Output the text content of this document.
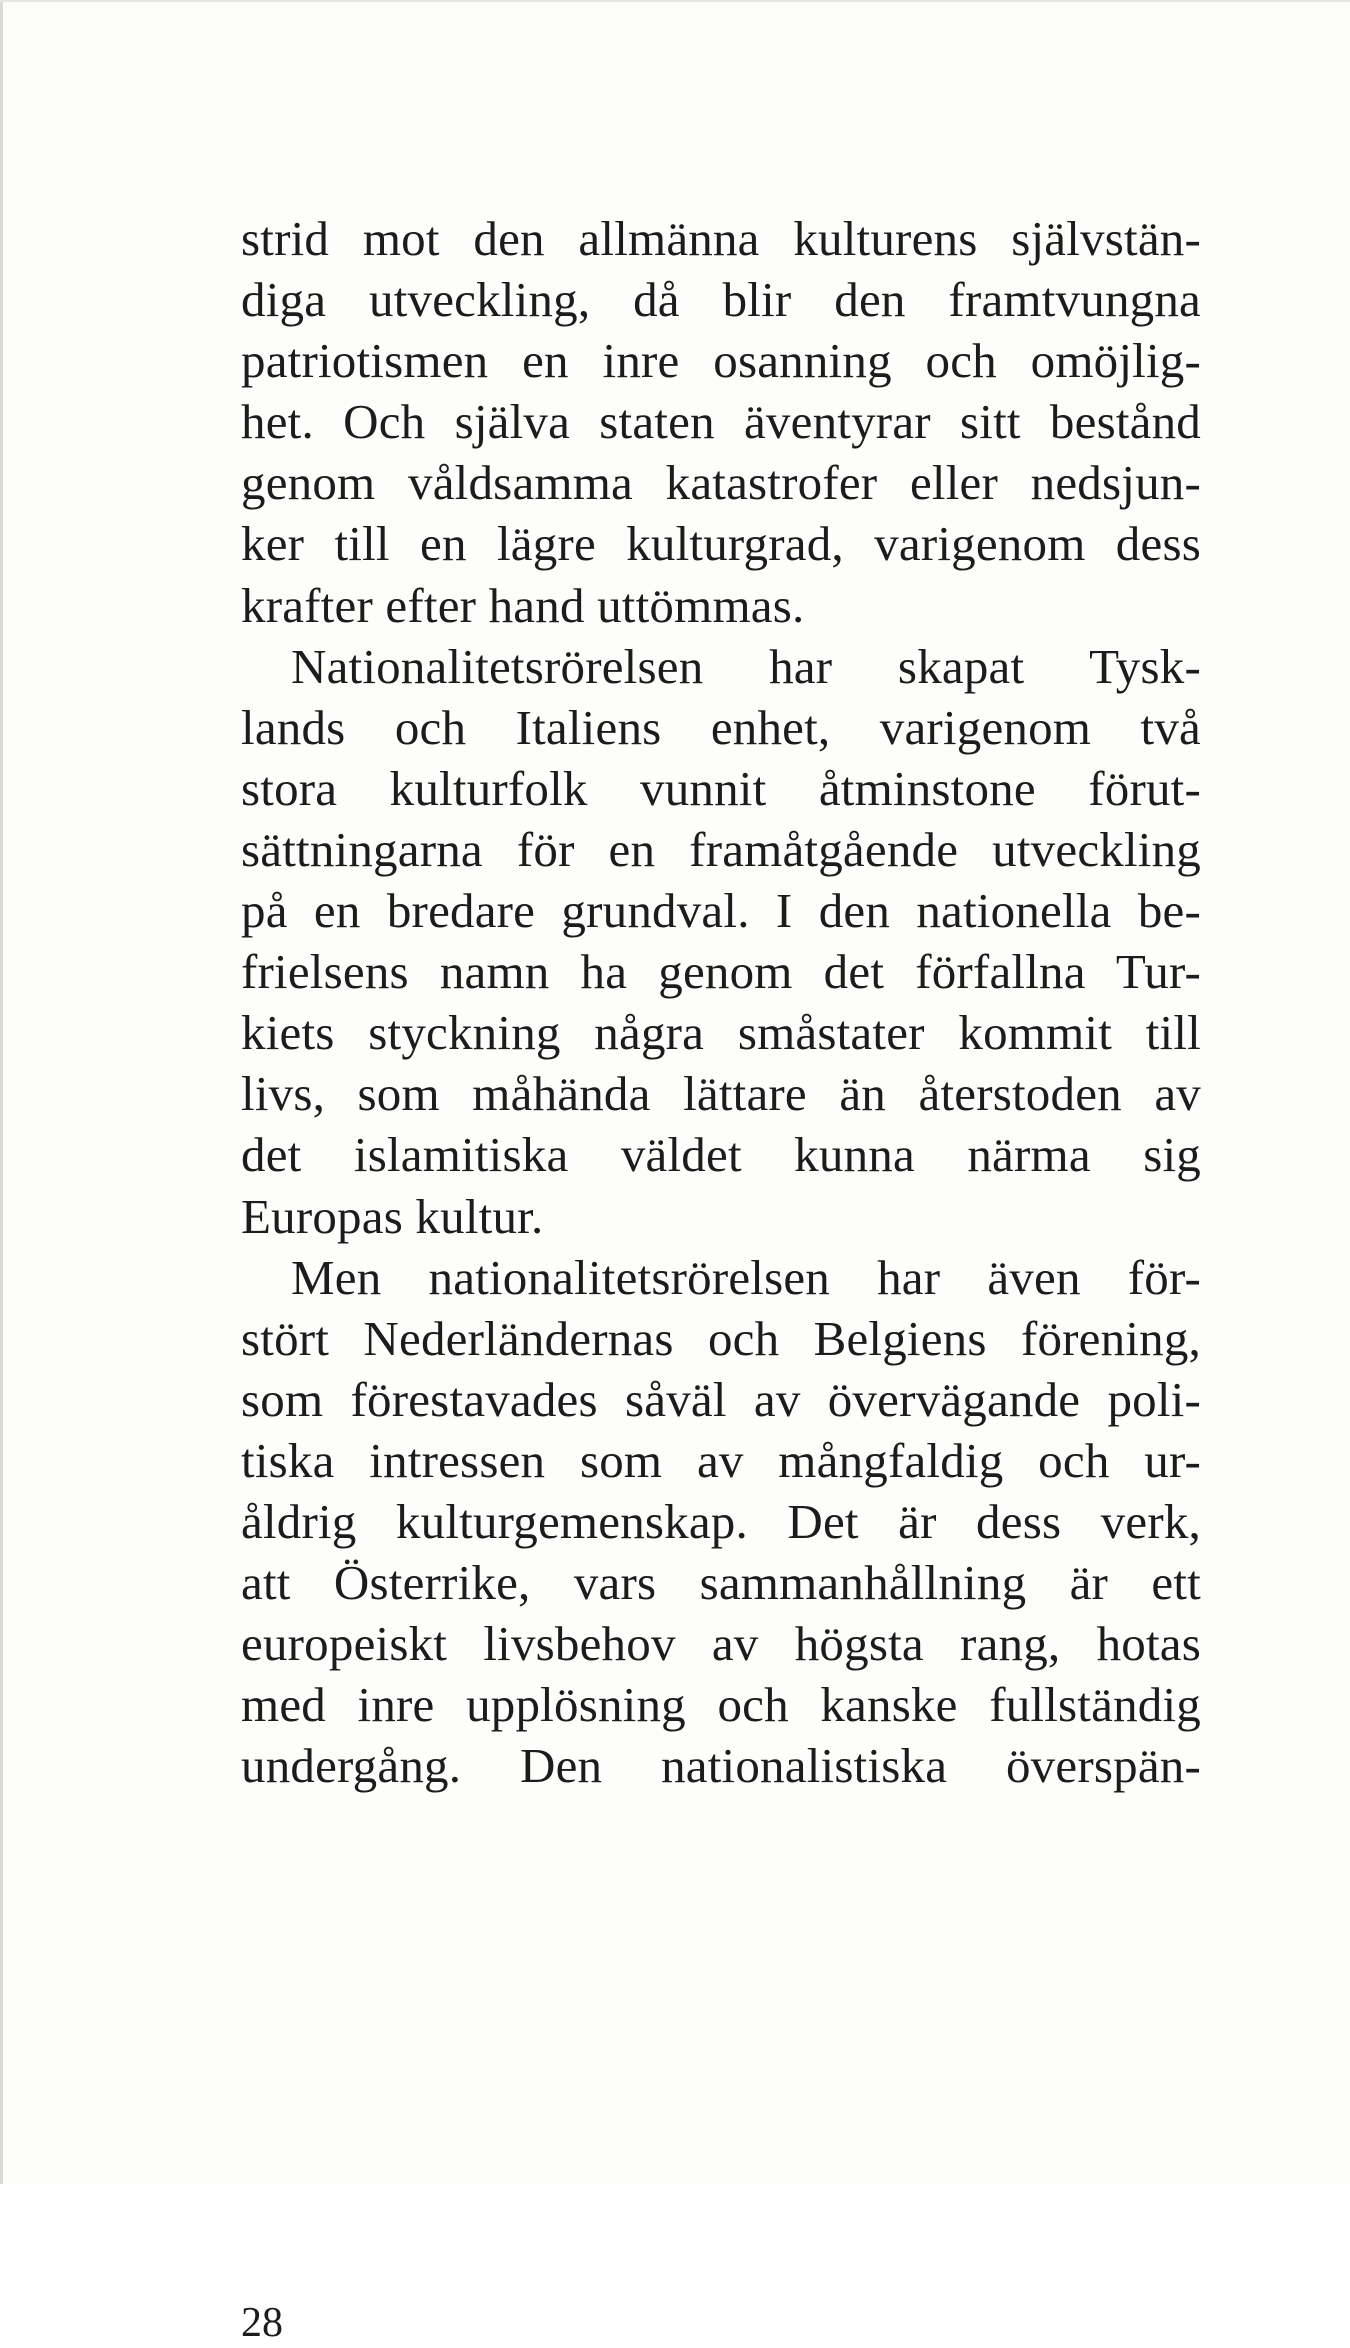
strid mot den allmänna kulturens självstän-
diga utveckling, då blir den framtvungna
patriotismen en inre osanning och omöjlig-
het. Och själva staten äventyrar sitt bestånd
genom våldsamma katastrofer eller nedsjun-
ker till en lägre kulturgrad, varigenom dess
krafter efter hand uttömmas.
Nationalitetsrörelsen har skapat Tysk-
lands och Italiens enhet, varigenom två
stora kulturfolk vunnit åtminstone förut-
sättningarna för en framåtgående utveckling
på en bredare grundval. I den nationella be-
frielsens namn ha genom det förfallna Tur-
kiets styckning några småstater kommit till
livs, som måhända lättare än återstoden av
det islamitiska väldet kunna närma sig
Europas kultur.
Men nationalitetsrörelsen har även för-
stört Nederländernas och Belgiens förening,
som förestavades såväl av övervägande poli-
tiska intressen som av mångfaldig och ur-
åldrig kulturgemenskap. Det är dess verk,
att Österrike, vars sammanhållning är ett
europeiskt livsbehov av högsta rang, hotas
med inre upplösning och kanske fullständig
undergång. Den nationalistiska överspän-
28
